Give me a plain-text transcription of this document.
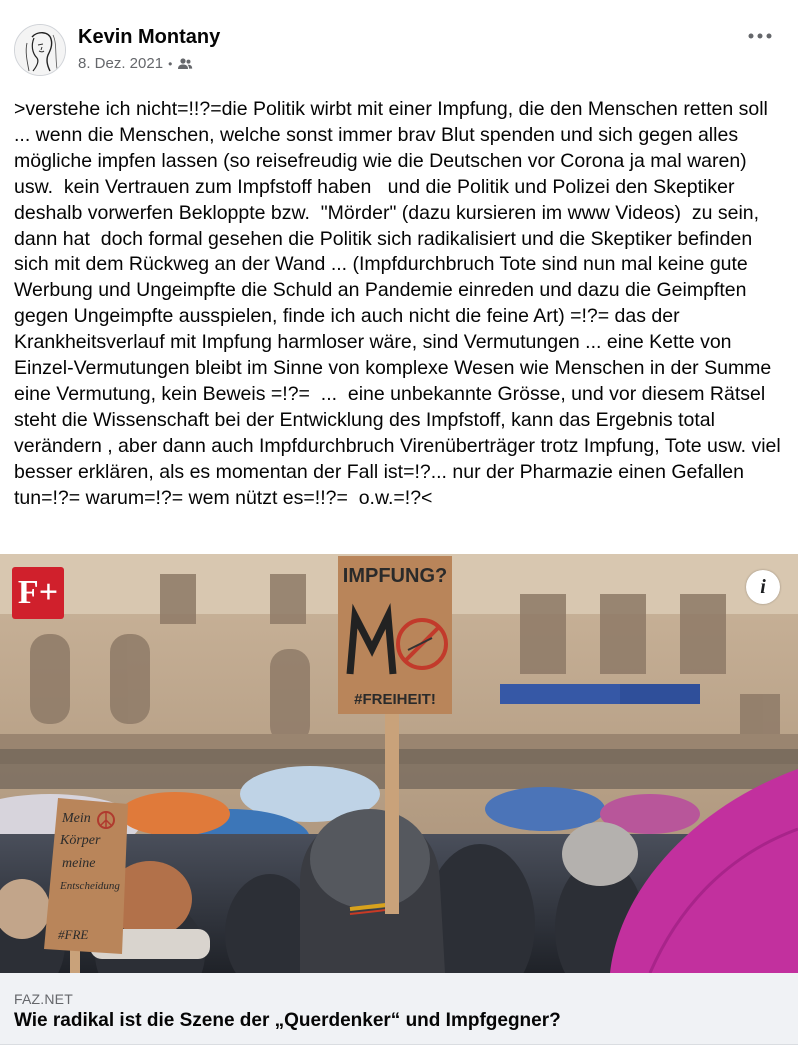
Kevin Montany
8. Dez. 2021 •
>verstehe ich nicht=!!?=die Politik wirbt mit einer Impfung, die den Menschen retten soll ... wenn die Menschen, welche sonst immer brav Blut spenden und sich gegen alles mögliche impfen lassen (so reisefreudig wie die Deutschen vor Corona ja mal waren) usw.  kein Vertrauen zum Impfstoff haben   und die Politik und Polizei den Skeptiker deshalb vorwerfen Bekloppte bzw.  "Mörder" (dazu kursieren im www Videos)  zu sein, dann hat  doch formal gesehen die Politik sich radikalisiert und die Skeptiker befinden sich mit dem Rückweg an der Wand ... (Impfdurchbruch Tote sind nun mal keine gute Werbung und Ungeimpfte die Schuld an Pandemie einreden und dazu die Geimpften gegen Ungeimpfte ausspielen, finde ich auch nicht die feine Art) =!?= das der Krankheitsverlauf mit Impfung harmloser wäre, sind Vermutungen ... eine Kette von Einzel-Vermutungen bleibt im Sinne von komplexe Wesen wie Menschen in der Summe  eine Vermutung, kein Beweis =!?=  ...  eine unbekannte Grösse, und vor diesem Rätsel steht die Wissenschaft bei der Entwicklung des Impfstoff, kann das Ergebnis total verändern , aber dann auch Impfdurchbruch Virenüberträger trotz Impfung, Tote usw. viel besser erklären, als es momentan der Fall ist=!?... nur der Pharmazie einen Gefallen tun=!?= warum=!?= wem nützt es=!!?=  o.w.=!?<
IMPFUNG?
#FREIHEIT!
Mein
Körper
meine
Entscheidung
#FRE
F+	i
FAZ.NET
Wie radikal ist die Szene der „Querdenker“ und Impfgegner?
